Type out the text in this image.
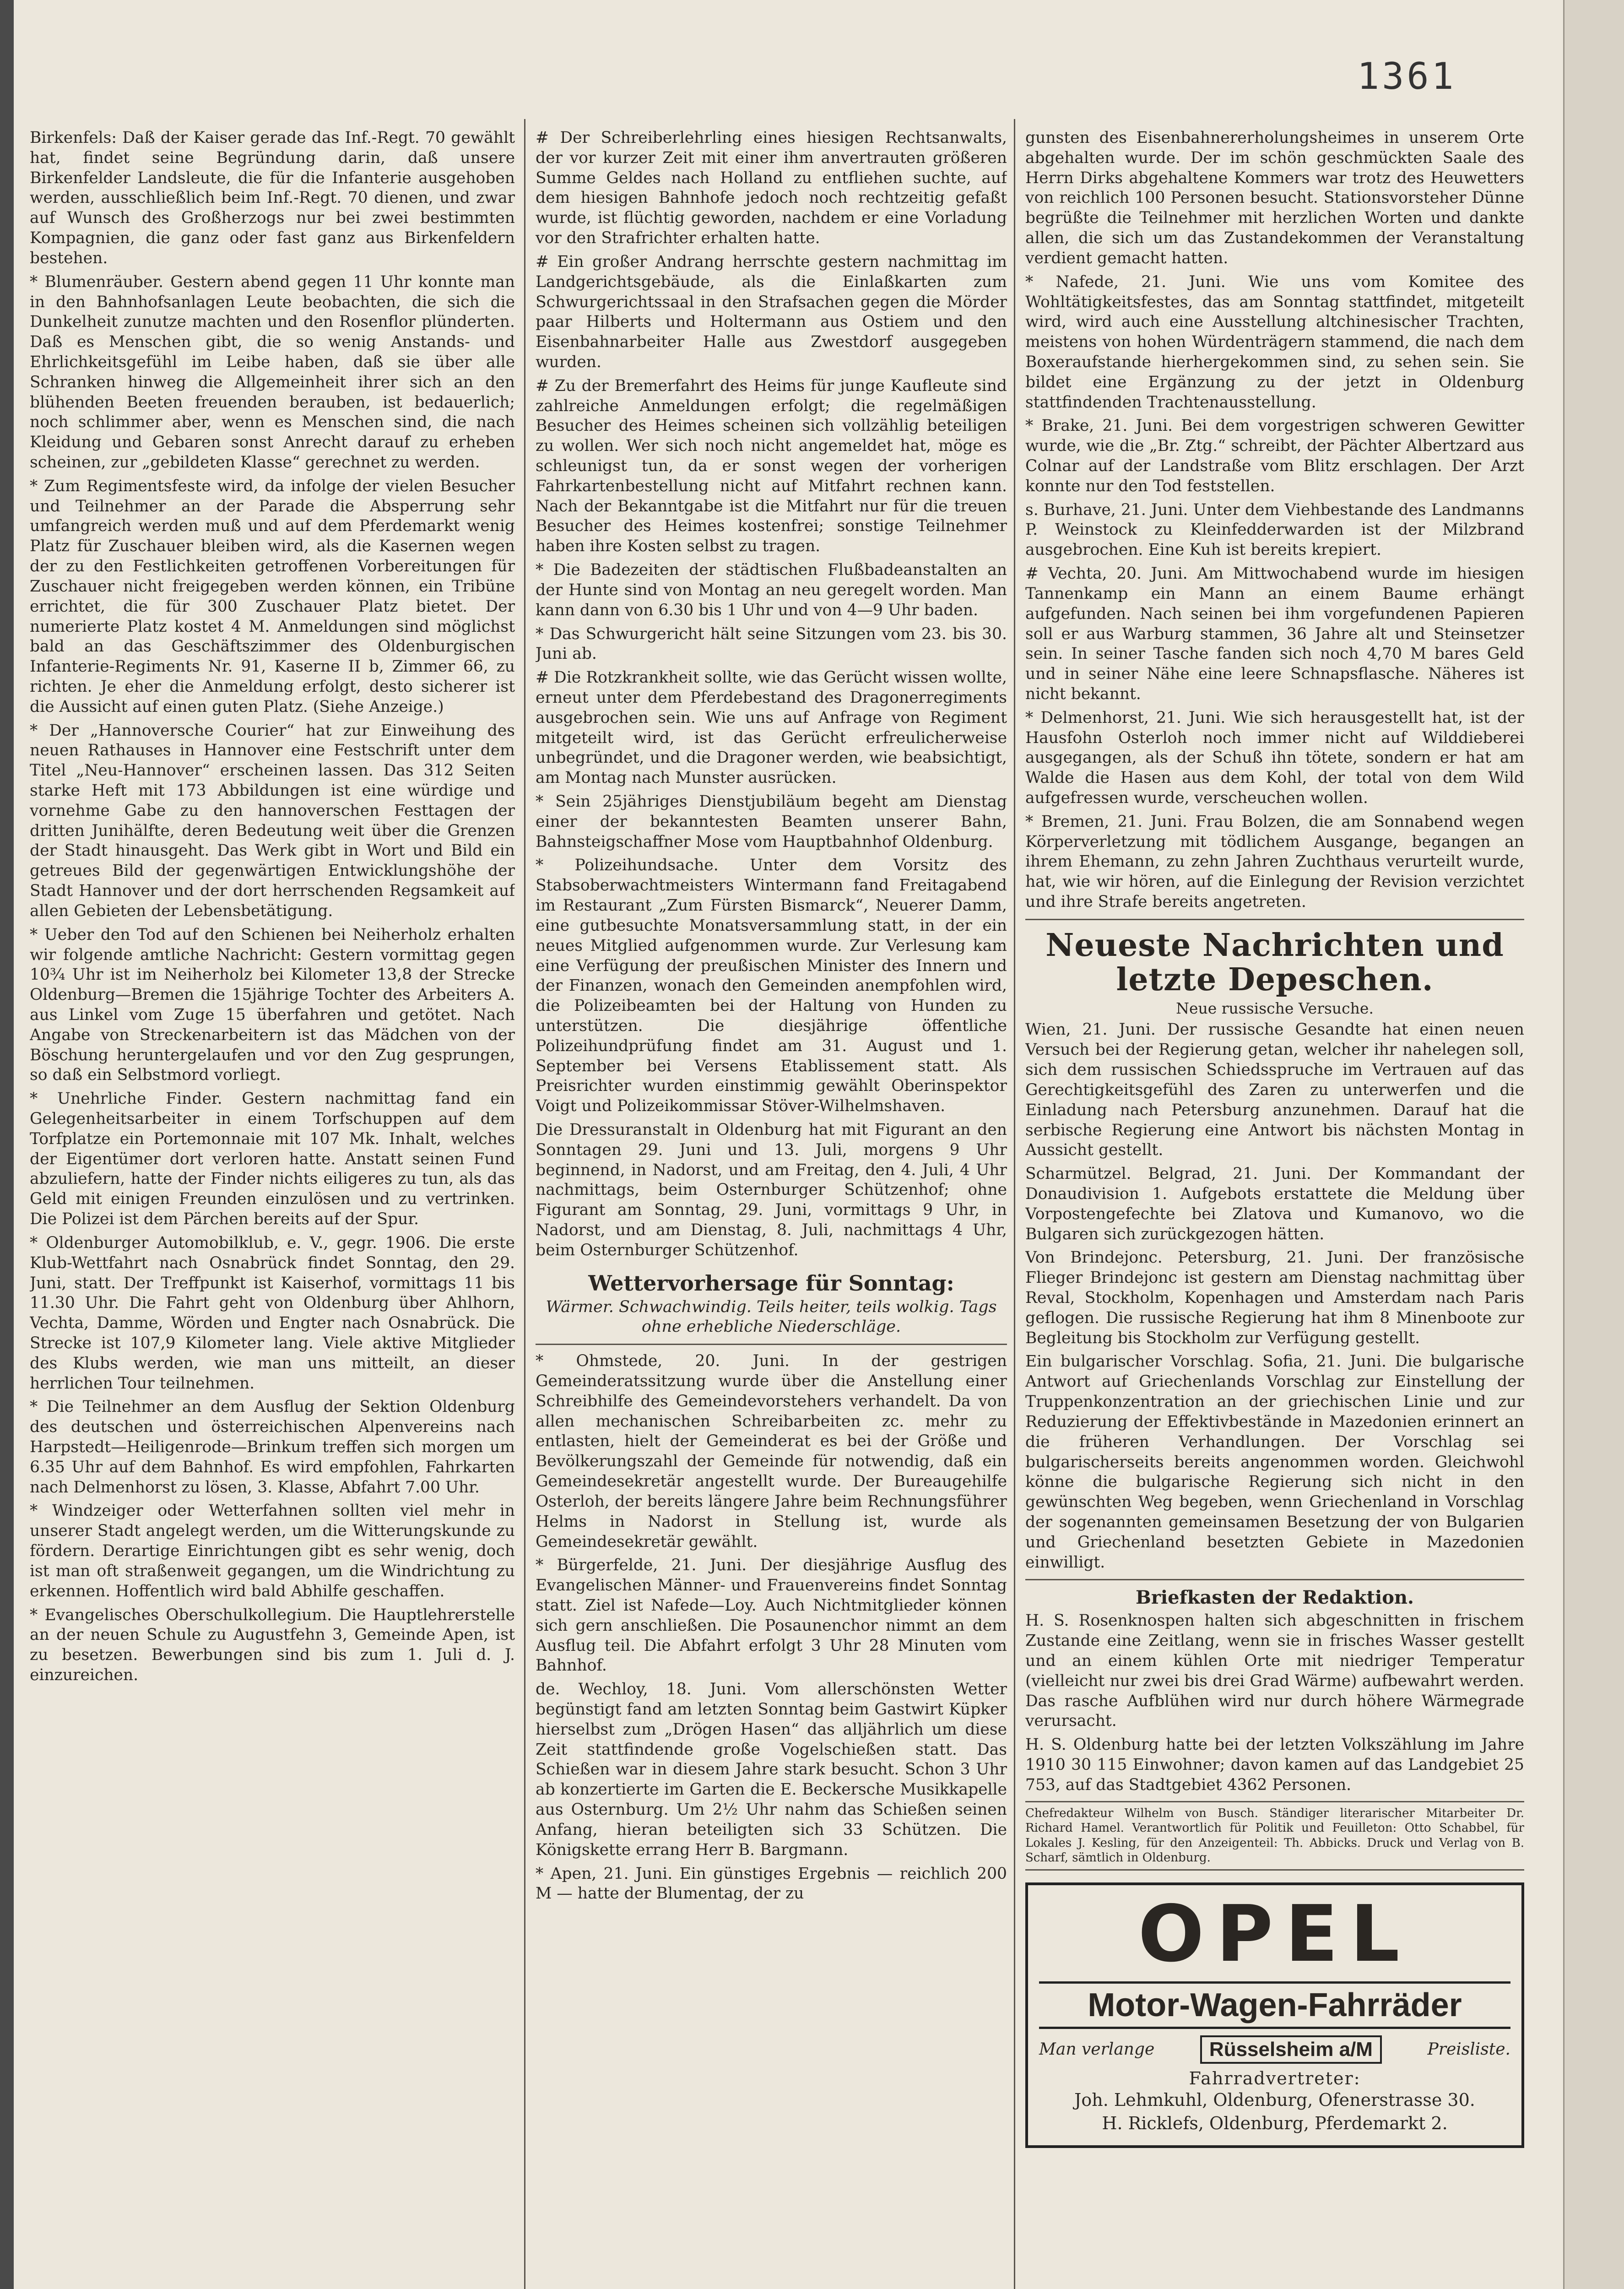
1361

Birkenfels: Daß der Kaiser gerade das Inf.-Regt. 70 gewählt hat, findet seine Begründung darin, daß unsere Birkenfelder Landsleute, die für die Infanterie ausgehoben werden, ausschließlich beim Inf.-Regt. 70 dienen, und zwar auf Wunsch des Großherzogs nur bei zwei bestimmten Kompagnien, die ganz oder fast ganz aus Birkenfeldern bestehen.

* Blumenräuber. Gestern abend gegen 11 Uhr konnte man in den Bahnhofsanlagen Leute beobachten, die sich die Dunkelheit zunutze machten und den Rosenflor plünderten. Daß es Menschen gibt, die so wenig Anstands- und Ehrlichkeitsgefühl im Leibe haben, daß sie über alle Schranken hinweg die Allgemeinheit ihrer sich an den blühenden Beeten freuenden berauben, ist bedauerlich; noch schlimmer aber, wenn es Menschen sind, die nach Kleidung und Gebaren sonst Anrecht darauf zu erheben scheinen, zur „gebildeten Klasse“ gerechnet zu werden.

* Zum Regimentsfeste wird, da infolge der vielen Besucher und Teilnehmer an der Parade die Absperrung sehr umfangreich werden muß und auf dem Pferdemarkt wenig Platz für Zuschauer bleiben wird, als die Kasernen wegen der zu den Festlichkeiten getroffenen Vorbereitungen für Zuschauer nicht freigegeben werden können, ein Tribüne errichtet, die für 300 Zuschauer Platz bietet. Der numerierte Platz kostet 4 M. Anmeldungen sind möglichst bald an das Geschäftszimmer des Oldenburgischen Infanterie-Regiments Nr. 91, Kaserne II b, Zimmer 66, zu richten. Je eher die Anmeldung erfolgt, desto sicherer ist die Aussicht auf einen guten Platz. (Siehe Anzeige.)

* Der „Hannoversche Courier“ hat zur Einweihung des neuen Rathauses in Hannover eine Festschrift unter dem Titel „Neu-Hannover“ erscheinen lassen. Das 312 Seiten starke Heft mit 173 Abbildungen ist eine würdige und vornehme Gabe zu den hannoverschen Festtagen der dritten Junihälfte, deren Bedeutung weit über die Grenzen der Stadt hinausgeht. Das Werk gibt in Wort und Bild ein getreues Bild der gegenwärtigen Entwicklungshöhe der Stadt Hannover und der dort herrschenden Regsamkeit auf allen Gebieten der Lebensbetätigung.

* Ueber den Tod auf den Schienen bei Neiherholz erhalten wir folgende amtliche Nachricht: Gestern vormittag gegen 10¾ Uhr ist im Neiherholz bei Kilometer 13,8 der Strecke Oldenburg—Bremen die 15jährige Tochter des Arbeiters A. aus Linkel vom Zuge 15 überfahren und getötet. Nach Angabe von Streckenarbeitern ist das Mädchen von der Böschung heruntergelaufen und vor den Zug gesprungen, so daß ein Selbstmord vorliegt.

* Unehrliche Finder. Gestern nachmittag fand ein Gelegenheitsarbeiter in einem Torfschuppen auf dem Torfplatze ein Portemonnaie mit 107 Mk. Inhalt, welches der Eigentümer dort verloren hatte. Anstatt seinen Fund abzuliefern, hatte der Finder nichts eiligeres zu tun, als das Geld mit einigen Freunden einzulösen und zu vertrinken. Die Polizei ist dem Pärchen bereits auf der Spur.

* Oldenburger Automobilklub, e. V., gegr. 1906. Die erste Klub-Wettfahrt nach Osnabrück findet Sonntag, den 29. Juni, statt. Der Treffpunkt ist Kaiserhof, vormittags 11 bis 11.30 Uhr. Die Fahrt geht von Oldenburg über Ahlhorn, Vechta, Damme, Wörden und Engter nach Osnabrück. Die Strecke ist 107,9 Kilometer lang. Viele aktive Mitglieder des Klubs werden, wie man uns mitteilt, an dieser herrlichen Tour teilnehmen.

* Die Teilnehmer an dem Ausflug der Sektion Oldenburg des deutschen und österreichischen Alpenvereins nach Harpstedt—Heiligenrode—Brinkum treffen sich morgen um 6.35 Uhr auf dem Bahnhof. Es wird empfohlen, Fahrkarten nach Delmenhorst zu lösen, 3. Klasse, Abfahrt 7.00 Uhr.

* Windzeiger oder Wetterfahnen sollten viel mehr in unserer Stadt angelegt werden, um die Witterungskunde zu fördern. Derartige Einrichtungen gibt es sehr wenig, doch ist man oft straßenweit gegangen, um die Windrichtung zu erkennen. Hoffentlich wird bald Abhilfe geschaffen.

* Evangelisches Oberschulkollegium. Die Hauptlehrerstelle an der neuen Schule zu Augustfehn 3, Gemeinde Apen, ist zu besetzen. Bewerbungen sind bis zum 1. Juli d. J. einzureichen.

# Der Schreiberlehrling eines hiesigen Rechtsanwalts, der vor kurzer Zeit mit einer ihm anvertrauten größeren Summe Geldes nach Holland zu entfliehen suchte, auf dem hiesigen Bahnhofe jedoch noch rechtzeitig gefaßt wurde, ist flüchtig geworden, nachdem er eine Vorladung vor den Strafrichter erhalten hatte.

# Ein großer Andrang herrschte gestern nachmittag im Landgerichtsgebäude, als die Einlaßkarten zum Schwurgerichtssaal in den Strafsachen gegen die Mörder paar Hilberts und Holtermann aus Ostiem und den Eisenbahnarbeiter Halle aus Zwestdorf ausgegeben wurden.

# Zu der Bremerfahrt des Heims für junge Kaufleute sind zahlreiche Anmeldungen erfolgt; die regelmäßigen Besucher des Heimes scheinen sich vollzählig beteiligen zu wollen. Wer sich noch nicht angemeldet hat, möge es schleunigst tun, da er sonst wegen der vorherigen Fahrkartenbestellung nicht auf Mitfahrt rechnen kann. Nach der Bekanntgabe ist die Mitfahrt nur für die treuen Besucher des Heimes kostenfrei; sonstige Teilnehmer haben ihre Kosten selbst zu tragen.

* Die Badezeiten der städtischen Flußbadeanstalten an der Hunte sind von Montag an neu geregelt worden. Man kann dann von 6.30 bis 1 Uhr und von 4—9 Uhr baden.

* Das Schwurgericht hält seine Sitzungen vom 23. bis 30. Juni ab.

# Die Rotzkrankheit sollte, wie das Gerücht wissen wollte, erneut unter dem Pferdebestand des Dragonerregiments ausgebrochen sein. Wie uns auf Anfrage von Regiment mitgeteilt wird, ist das Gerücht erfreulicherweise unbegründet, und die Dragoner werden, wie beabsichtigt, am Montag nach Munster ausrücken.

* Sein 25jähriges Dienstjubiläum begeht am Dienstag einer der bekanntesten Beamten unserer Bahn, Bahnsteigschaffner Mose vom Hauptbahnhof Oldenburg.

* Polizeihundsache. Unter dem Vorsitz des Stabsoberwachtmeisters Wintermann fand Freitagabend im Restaurant „Zum Fürsten Bismarck“, Neuerer Damm, eine gutbesuchte Monatsversammlung statt, in der ein neues Mitglied aufgenommen wurde. Zur Verlesung kam eine Verfügung der preußischen Minister des Innern und der Finanzen, wonach den Gemeinden anempfohlen wird, die Polizeibeamten bei der Haltung von Hunden zu unterstützen. Die diesjährige öffentliche Polizeihundprüfung findet am 31. August und 1. September bei Versens Etablissement statt. Als Preisrichter wurden einstimmig gewählt Oberinspektor Voigt und Polizeikommissar Stöver-Wilhelmshaven.

Die Dressuranstalt in Oldenburg hat mit Figurant an den Sonntagen 29. Juni und 13. Juli, morgens 9 Uhr beginnend, in Nadorst, und am Freitag, den 4. Juli, 4 Uhr nachmittags, beim Osternburger Schützenhof; ohne Figurant am Sonntag, 29. Juni, vormittags 9 Uhr, in Nadorst, und am Dienstag, 8. Juli, nachmittags 4 Uhr, beim Osternburger Schützenhof.

Wettervorhersage für Sonntag:
Wärmer. Schwachwindig. Teils heiter, teils wolkig. Tags ohne erhebliche Niederschläge.

* Ohmstede, 20. Juni. In der gestrigen Gemeinderatssitzung wurde über die Anstellung einer Schreibhilfe des Gemeindevorstehers verhandelt. Da von allen mechanischen Schreibarbeiten zc. mehr zu entlasten, hielt der Gemeinderat es bei der Größe und Bevölkerungszahl der Gemeinde für notwendig, daß ein Gemeindesekretär angestellt wurde. Der Bureaugehilfe Osterloh, der bereits längere Jahre beim Rechnungsführer Helms in Nadorst in Stellung ist, wurde als Gemeindesekretär gewählt.

* Bürgerfelde, 21. Juni. Der diesjährige Ausflug des Evangelischen Männer- und Frauenvereins findet Sonntag statt. Ziel ist Nafede—Loy. Auch Nichtmitglieder können sich gern anschließen. Die Posaunenchor nimmt an dem Ausflug teil. Die Abfahrt erfolgt 3 Uhr 28 Minuten vom Bahnhof.

de. Wechloy, 18. Juni. Vom allerschönsten Wetter begünstigt fand am letzten Sonntag beim Gastwirt Küpker hierselbst zum „Drögen Hasen“ das alljährlich um diese Zeit stattfindende große Vogelschießen statt. Das Schießen war in diesem Jahre stark besucht. Schon 3 Uhr ab konzertierte im Garten die E. Beckersche Musikkapelle aus Osternburg. Um 2½ Uhr nahm das Schießen seinen Anfang, hieran beteiligten sich 33 Schützen. Die Königskette errang Herr B. Bargmann.

* Apen, 21. Juni. Ein günstiges Ergebnis — reichlich 200 M — hatte der Blumentag, der zu

gunsten des Eisenbahnererholungsheimes in unserem Orte abgehalten wurde. Der im schön geschmückten Saale des Herrn Dirks abgehaltene Kommers war trotz des Heuwetters von reichlich 100 Personen besucht. Stationsvorsteher Dünne begrüßte die Teilnehmer mit herzlichen Worten und dankte allen, die sich um das Zustandekommen der Veranstaltung verdient gemacht hatten.

* Nafede, 21. Juni. Wie uns vom Komitee des Wohltätigkeitsfestes, das am Sonntag stattfindet, mitgeteilt wird, wird auch eine Ausstellung altchinesischer Trachten, meistens von hohen Würdenträgern stammend, die nach dem Boxeraufstande hierhergekommen sind, zu sehen sein. Sie bildet eine Ergänzung zu der jetzt in Oldenburg stattfindenden Trachtenausstellung.

* Brake, 21. Juni. Bei dem vorgestrigen schweren Gewitter wurde, wie die „Br. Ztg.“ schreibt, der Pächter Albertzard aus Colnar auf der Landstraße vom Blitz erschlagen. Der Arzt konnte nur den Tod feststellen.

s. Burhave, 21. Juni. Unter dem Viehbestande des Landmanns P. Weinstock zu Kleinfedderwarden ist der Milzbrand ausgebrochen. Eine Kuh ist bereits krepiert.

# Vechta, 20. Juni. Am Mittwochabend wurde im hiesigen Tannenkamp ein Mann an einem Baume erhängt aufgefunden. Nach seinen bei ihm vorgefundenen Papieren soll er aus Warburg stammen, 36 Jahre alt und Steinsetzer sein. In seiner Tasche fanden sich noch 4,70 M bares Geld und in seiner Nähe eine leere Schnapsflasche. Näheres ist nicht bekannt.

* Delmenhorst, 21. Juni. Wie sich herausgestellt hat, ist der Hausfohn Osterloh noch immer nicht auf Wilddieberei ausgegangen, als der Schuß ihn tötete, sondern er hat am Walde die Hasen aus dem Kohl, der total von dem Wild aufgefressen wurde, verscheuchen wollen.

* Bremen, 21. Juni. Frau Bolzen, die am Sonnabend wegen Körperverletzung mit tödlichem Ausgange, begangen an ihrem Ehemann, zu zehn Jahren Zuchthaus verurteilt wurde, hat, wie wir hören, auf die Einlegung der Revision verzichtet und ihre Strafe bereits angetreten.

Neueste Nachrichten und letzte Depeschen.
Neue russische Versuche.

Wien, 21. Juni. Der russische Gesandte hat einen neuen Versuch bei der Regierung getan, welcher ihr nahelegen soll, sich dem russischen Schiedsspruche im Vertrauen auf das Gerechtigkeitsgefühl des Zaren zu unterwerfen und die Einladung nach Petersburg anzunehmen. Darauf hat die serbische Regierung eine Antwort bis nächsten Montag in Aussicht gestellt.

Scharmützel. Belgrad, 21. Juni. Der Kommandant der Donaudivision 1. Aufgebots erstattete die Meldung über Vorpostengefechte bei Zlatova und Kumanovo, wo die Bulgaren sich zurückgezogen hätten.

Von Brindejonc. Petersburg, 21. Juni. Der französische Flieger Brindejonc ist gestern am Dienstag nachmittag über Reval, Stockholm, Kopenhagen und Amsterdam nach Paris geflogen. Die russische Regierung hat ihm 8 Minenboote zur Begleitung bis Stockholm zur Verfügung gestellt.

Ein bulgarischer Vorschlag. Sofia, 21. Juni. Die bulgarische Antwort auf Griechenlands Vorschlag zur Einstellung der Truppenkonzentration an der griechischen Linie und zur Reduzierung der Effektivbestände in Mazedonien erinnert an die früheren Verhandlungen. Der Vorschlag sei bulgarischerseits bereits angenommen worden. Gleichwohl könne die bulgarische Regierung sich nicht in den gewünschten Weg begeben, wenn Griechenland in Vorschlag der sogenannten gemeinsamen Besetzung der von Bulgarien und Griechenland besetzten Gebiete in Mazedonien einwilligt.

Briefkasten der Redaktion.

H. S. Rosenknospen halten sich abgeschnitten in frischem Zustande eine Zeitlang, wenn sie in frisches Wasser gestellt und an einem kühlen Orte mit niedriger Temperatur (vielleicht nur zwei bis drei Grad Wärme) aufbewahrt werden. Das rasche Aufblühen wird nur durch höhere Wärmegrade verursacht.

H. S. Oldenburg hatte bei der letzten Volkszählung im Jahre 1910 30 115 Einwohner; davon kamen auf das Landgebiet 25 753, auf das Stadtgebiet 4362 Personen.

Chefredakteur Wilhelm von Busch. Ständiger literarischer Mitarbeiter Dr. Richard Hamel. Verantwortlich für Politik und Feuilleton: Otto Schabbel, für Lokales J. Kesling, für den Anzeigenteil: Th. Abbicks. Druck und Verlag von B. Scharf, sämtlich in Oldenburg.
OPEL
Motor-Wagen-Fahrräder
Man verlange	Rüsselsheim a/M	Preisliste.
Fahrradvertreter:
Joh. Lehmkuhl, Oldenburg, Ofenerstrasse 30.
H. Ricklefs, Oldenburg, Pferdemarkt 2.
